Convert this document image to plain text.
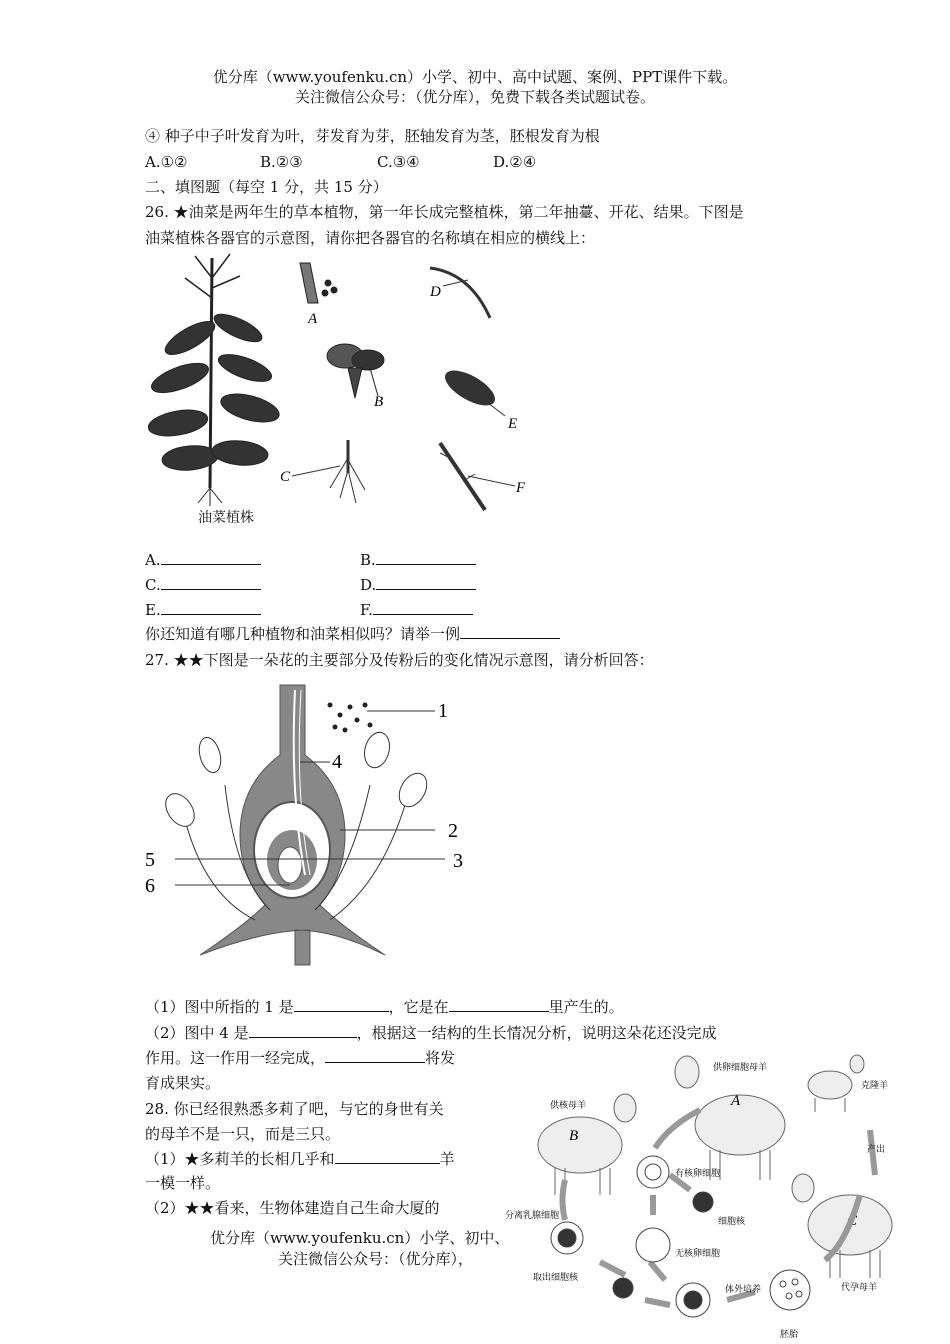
优分库（www.youfenku.cn）小学、初中、高中试题、案例、PPT课件下载。
关注微信公众号：（优分库），免费下载各类试题试卷。
④ 种子中子叶发育为叶，芽发育为芽，胚轴发育为茎，胚根发育为根
A.①②	B.②③	C.③④	D.②④
二、填图题（每空 1 分，共 15 分）
26. ★油菜是两年生的草本植物，第一年长成完整植株，第二年抽薹、开花、结果。下图是
油菜植株各器官的示意图，请你把各器官的名称填在相应的横线上：
油菜植株
A
B
C
D
E
F
A.	B.
C.	D.
E.	F.
你还知道有哪几种植物和油菜相似吗？请举一例
27. ★★下图是一朵花的主要部分及传粉后的变化情况示意图，请分析回答：
1
4
2
5	3
6
（1）图中所指的 1 是	，它是在	里产生的。
（2）图中 4 是	，根据这一结构的生长情况分析，说明这朵花还没完成
作用。这一作用一经完成，	将发
育成果实。
28. 你已经很熟悉多莉了吧，与它的身世有关
的母羊不是一只，而是三只。
（1）★多莉羊的长相几乎和	羊
一模一样。
（2）★★看来，生物体建造自己生命大厦的
优分库（www.youfenku.cn）小学、初中、
关注微信公众号：（优分库），
供卵细胞母羊
A
供核母羊
B
克隆羊
C
代孕母羊
产出
有核卵细胞
细胞核
无核卵细胞
分离乳腺细胞
取出细胞核
体外培养
胚胎
